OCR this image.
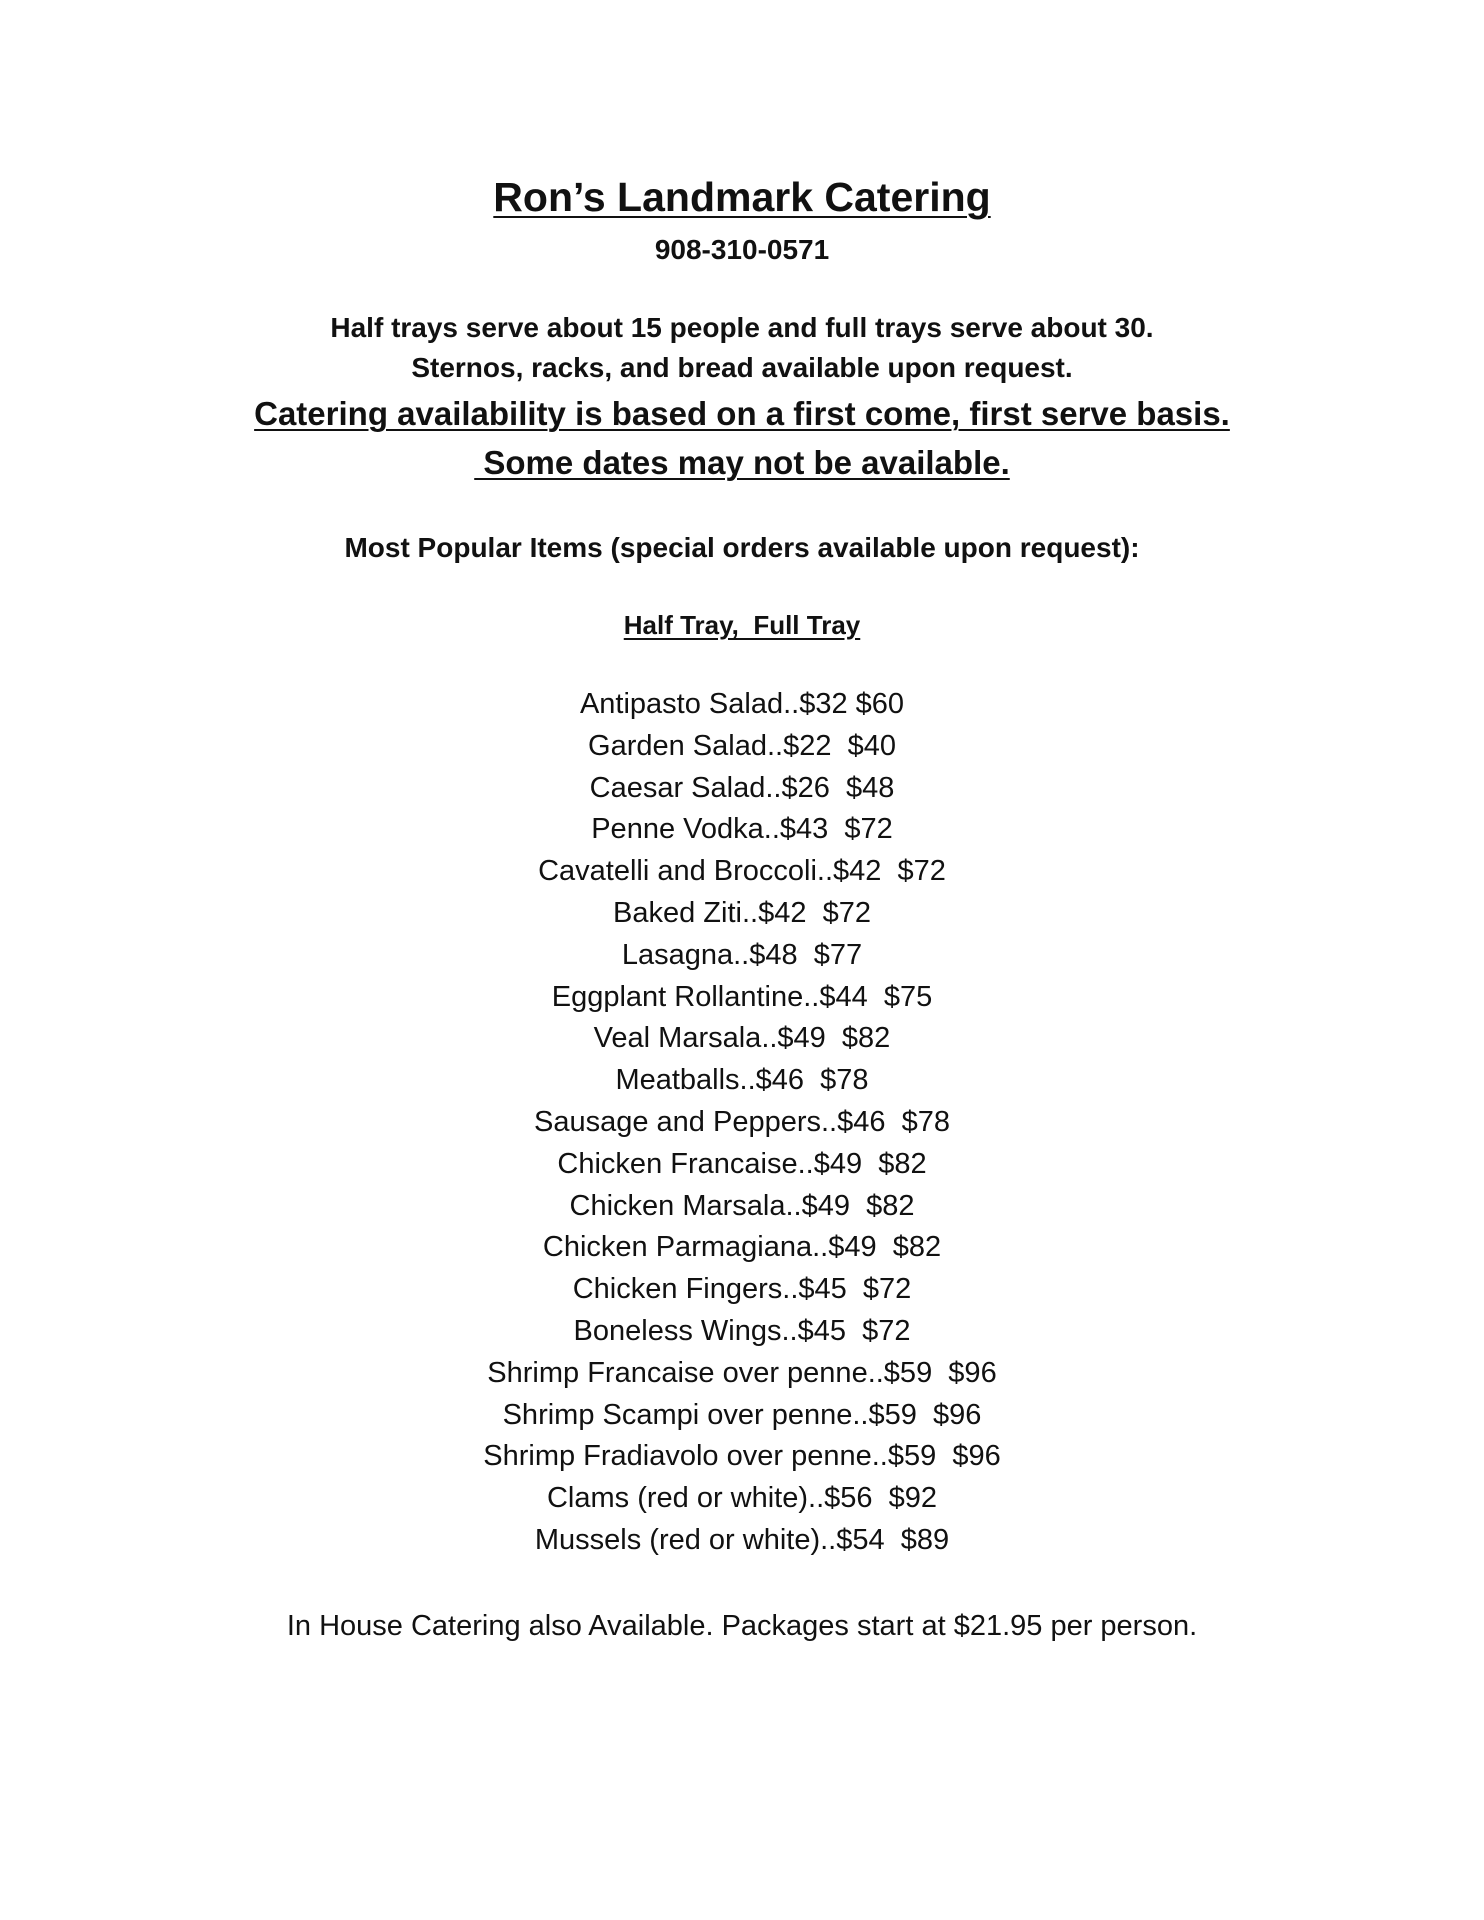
Ron’s Landmark Catering
908-310-0571
Half trays serve about 15 people and full trays serve about 30.
Sternos, racks, and bread available upon request.
Catering availability is based on a first come, first serve basis.
Some dates may not be available.
Most Popular Items (special orders available upon request):
Half Tray,  Full Tray
Antipasto Salad..$32 $60
Garden Salad..$22  $40
Caesar Salad..$26  $48
Penne Vodka..$43  $72
Cavatelli and Broccoli..$42  $72
Baked Ziti..$42  $72
Lasagna..$48  $77
Eggplant Rollantine..$44  $75
Veal Marsala..$49  $82
Meatballs..$46  $78
Sausage and Peppers..$46  $78
Chicken Francaise..$49  $82
Chicken Marsala..$49  $82
Chicken Parmagiana..$49  $82
Chicken Fingers..$45  $72
Boneless Wings..$45  $72
Shrimp Francaise over penne..$59  $96
Shrimp Scampi over penne..$59  $96
Shrimp Fradiavolo over penne..$59  $96
Clams (red or white)..$56  $92
Mussels (red or white)..$54  $89
In House Catering also Available. Packages start at $21.95 per person.
